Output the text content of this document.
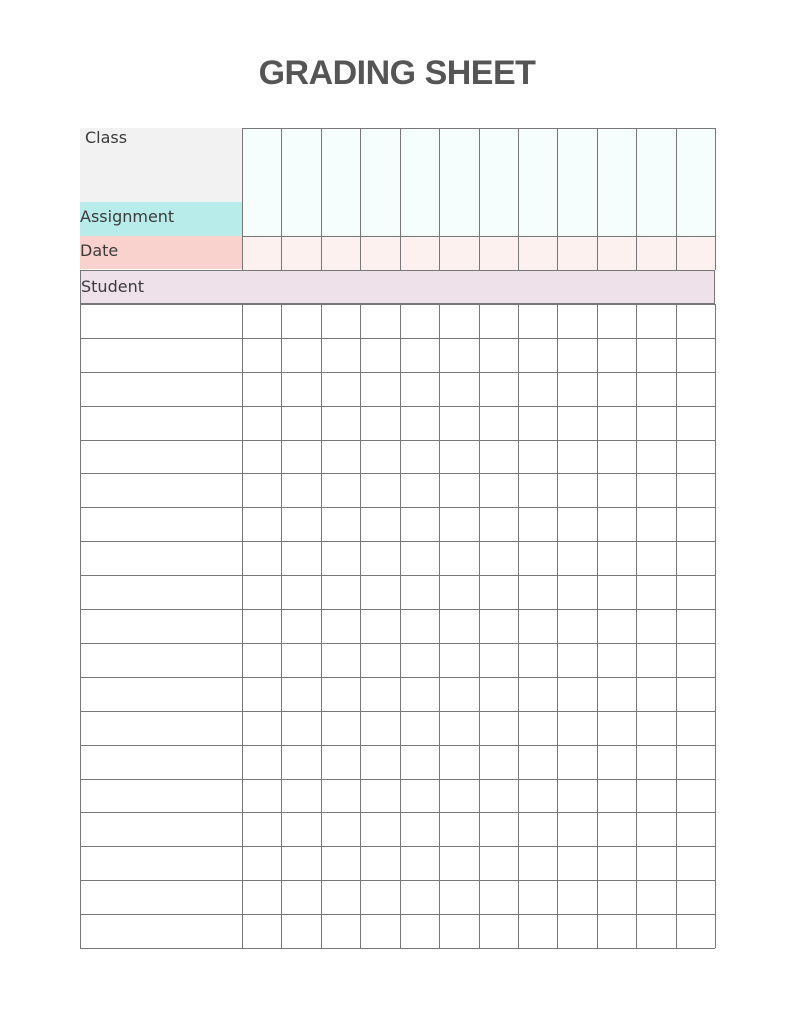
GRADING SHEET
Class
Assignment
Date
Student
